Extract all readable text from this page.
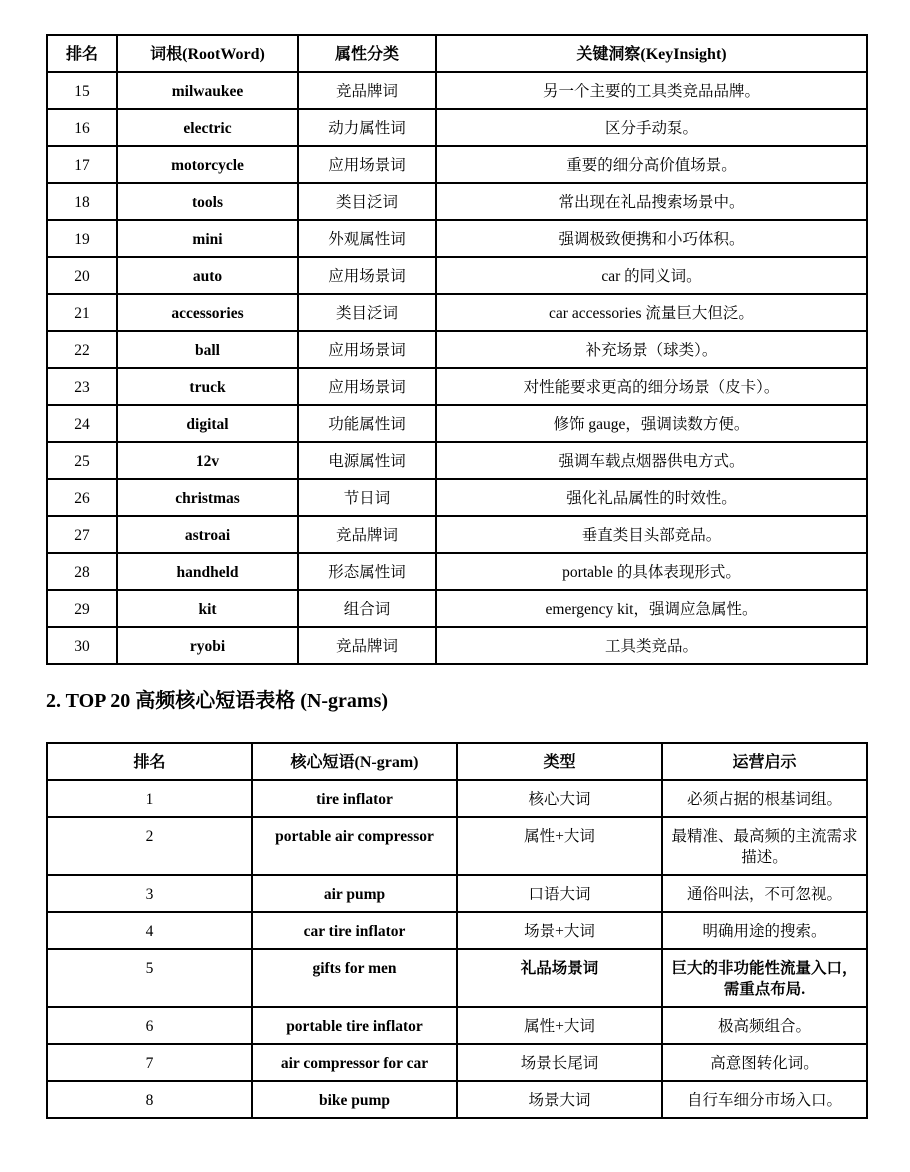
排名	词根(RootWord)	属性分类	关键洞察(KeyInsight)
15	milwaukee	竞品牌词	另一个主要的工具类竞品品牌。
16	electric	动力属性词	区分手动泵。
17	motorcycle	应用场景词	重要的细分高价值场景。
18	tools	类目泛词	常出现在礼品搜索场景中。
19	mini	外观属性词	强调极致便携和小巧体积。
20	auto	应用场景词	car 的同义词。
21	accessories	类目泛词	car accessories 流量巨大但泛。
22	ball	应用场景词	补充场景（球类）。
23	truck	应用场景词	对性能要求更高的细分场景（皮卡）。
24	digital	功能属性词	修饰 gauge，强调读数方便。
25	12v	电源属性词	强调车载点烟器供电方式。
26	christmas	节日词	强化礼品属性的时效性。
27	astroai	竞品牌词	垂直类目头部竞品。
28	handheld	形态属性词	portable 的具体表现形式。
29	kit	组合词	emergency kit，强调应急属性。
30	ryobi	竞品牌词	工具类竞品。
2. TOP 20 高频核心短语表格 (N-grams)
排名	核心短语(N-gram)	类型	运营启示
1	tire inflator	核心大词	必须占据的根基词组。
2	portable air compressor	属性+大词	最精准、最高频的主流需求描述。
3	air pump	口语大词	通俗叫法，不可忽视。
4	car tire inflator	场景+大词	明确用途的搜索。
5	gifts for men	礼品场景词	巨大的非功能性流量入口，需重点布局.
6	portable tire inflator	属性+大词	极高频组合。
7	air compressor for car	场景长尾词	高意图转化词。
8	bike pump	场景大词	自行车细分市场入口。
